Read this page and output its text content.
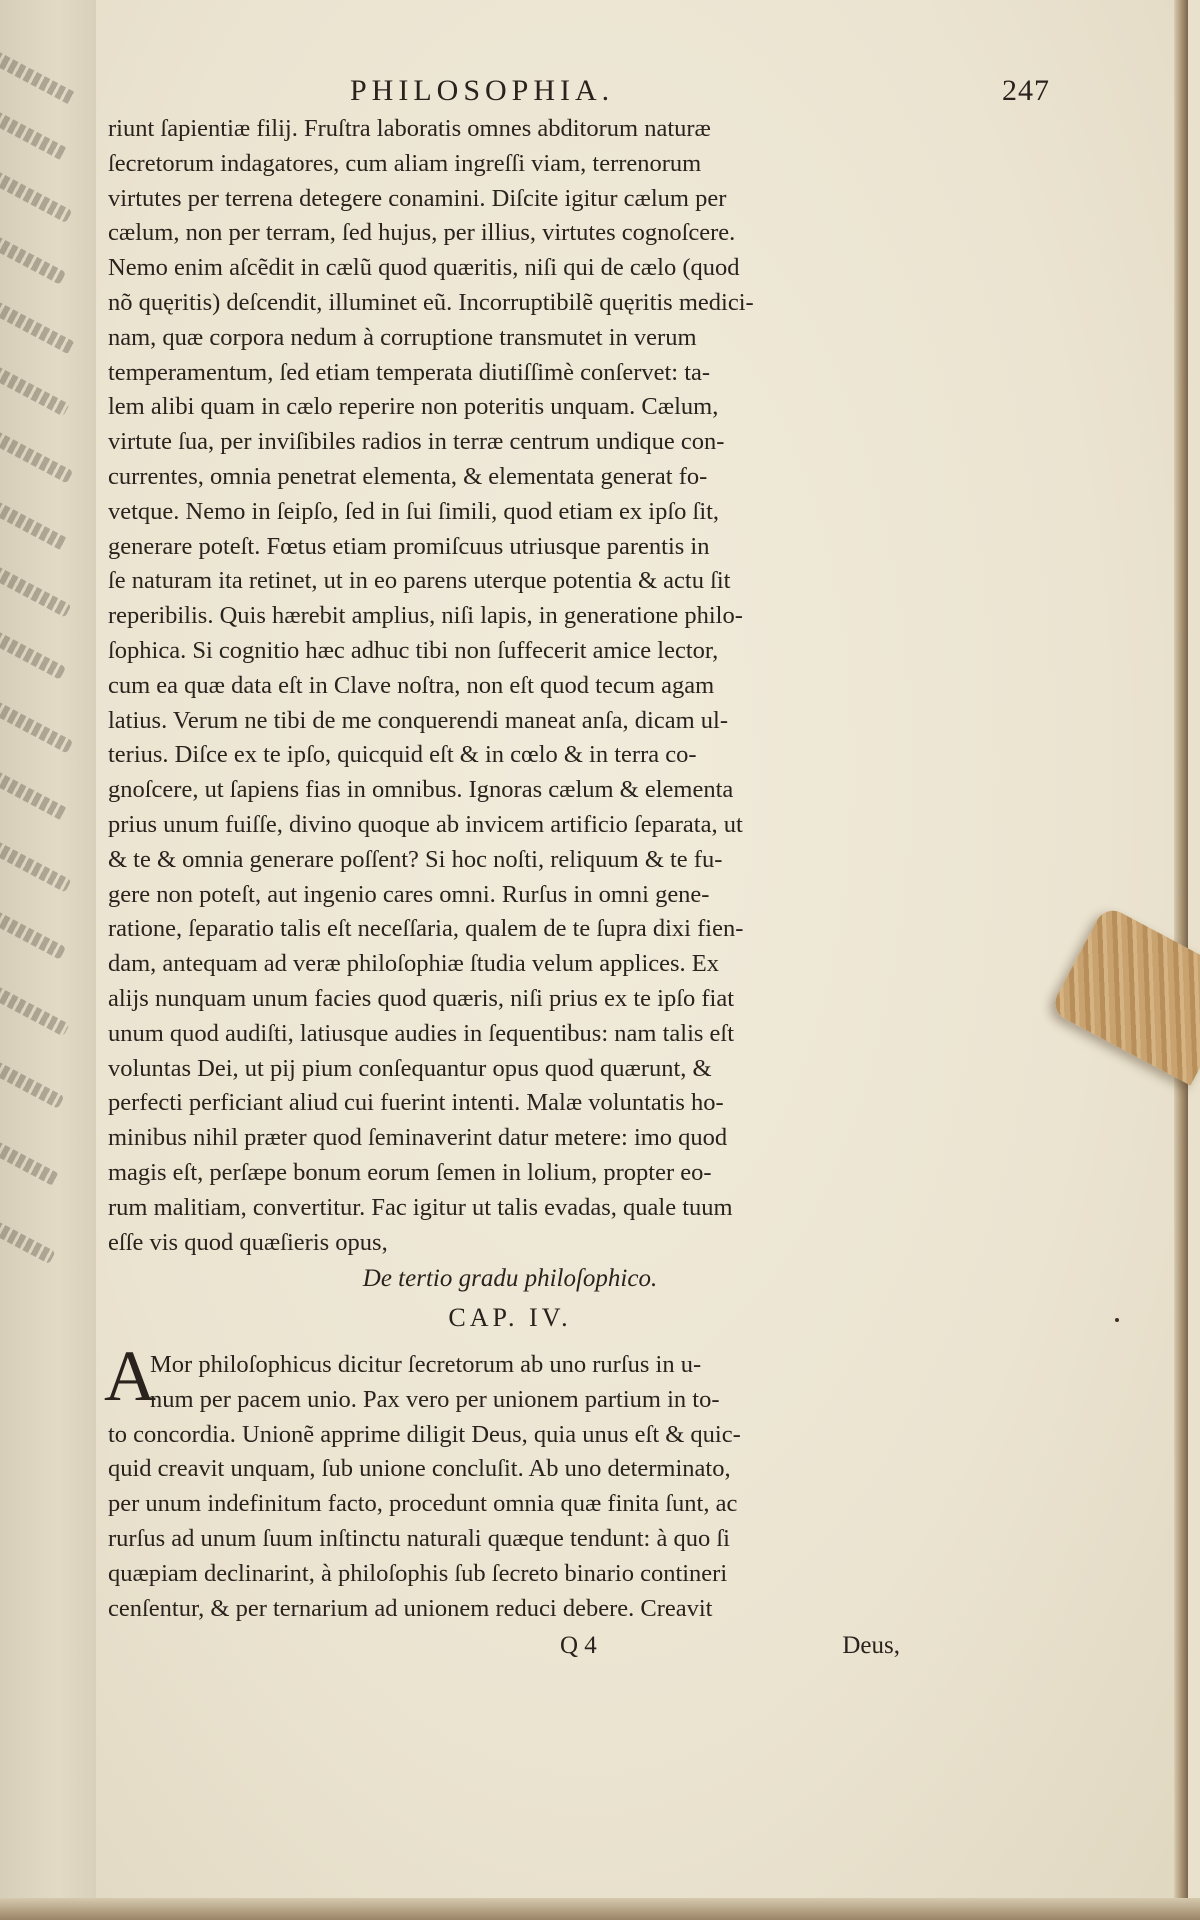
PHILOSOPHIA.	247
riunt ſapientiæ filij. Fruſtra laboratis omnes abditorum naturæ
ſecretorum indagatores, cum aliam ingreſſi viam, terrenorum
virtutes per terrena detegere conamini. Diſcite igitur cælum per
cælum, non per terram, ſed hujus, per illius, virtutes cognoſcere.
Nemo enim aſcẽdit in cælũ quod quæritis, niſi qui de cælo (quod
nõ quęritis) deſcendit, illuminet eũ. Incorruptibilẽ quęritis medici-
nam, quæ corpora nedum à corruptione transmutet in verum
temperamentum, ſed etiam temperata diutiſſimè conſervet: ta-
lem alibi quam in cælo reperire non poteritis unquam. Cælum,
virtute ſua, per inviſibiles radios in terræ centrum undique con-
currentes, omnia penetrat elementa, & elementata generat fo-
vetque. Nemo in ſeipſo, ſed in ſui ſimili, quod etiam ex ipſo ſit,
generare poteſt. Fœtus etiam promiſcuus utriusque parentis in
ſe naturam ita retinet, ut in eo parens uterque potentia & actu ſit
reperibilis. Quis hærebit amplius, niſi lapis, in generatione philo-
ſophica. Si cognitio hæc adhuc tibi non ſuffecerit amice lector,
cum ea quæ data eſt in Clave noſtra, non eſt quod tecum agam
latius. Verum ne tibi de me conquerendi maneat anſa, dicam ul-
terius. Diſce ex te ipſo, quicquid eſt & in cœlo & in terra co-
gnoſcere, ut ſapiens fias in omnibus. Ignoras cælum & elementa
prius unum fuiſſe, divino quoque ab invicem artificio ſeparata, ut
& te & omnia generare poſſent? Si hoc noſti, reliquum & te fu-
gere non poteſt, aut ingenio cares omni. Rurſus in omni gene-
ratione, ſeparatio talis eſt neceſſaria, qualem de te ſupra dixi fien-
dam, antequam ad veræ philoſophiæ ſtudia velum applices. Ex
alijs nunquam unum facies quod quæris, niſi prius ex te ipſo fiat
unum quod audiſti, latiusque audies in ſequentibus: nam talis eſt
voluntas Dei, ut pij pium conſequantur opus quod quærunt, &
perfecti perficiant aliud cui fuerint intenti. Malæ voluntatis ho-
minibus nihil præter quod ſeminaverint datur metere: imo quod
magis eſt, perſæpe bonum eorum ſemen in lolium, propter eo-
rum malitiam, convertitur. Fac igitur ut talis evadas, quale tuum
eſſe vis quod quæſieris opus,
De tertio gradu philoſophico.
CAP. IV.
A
Mor philoſophicus dicitur ſecretorum ab uno rurſus in u-
num per pacem unio. Pax vero per unionem partium in to-
to concordia. Unionẽ apprime diligit Deus, quia unus eſt & quic-
quid creavit unquam, ſub unione concluſit. Ab uno determinato,
per unum indefinitum facto, procedunt omnia quæ finita ſunt, ac
rurſus ad unum ſuum inſtinctu naturali quæque tendunt: à quo ſi
quæpiam declinarint, à philoſophis ſub ſecreto binario contineri
cenſentur, & per ternarium ad unionem reduci debere. Creavit
Q 4	Deus,
